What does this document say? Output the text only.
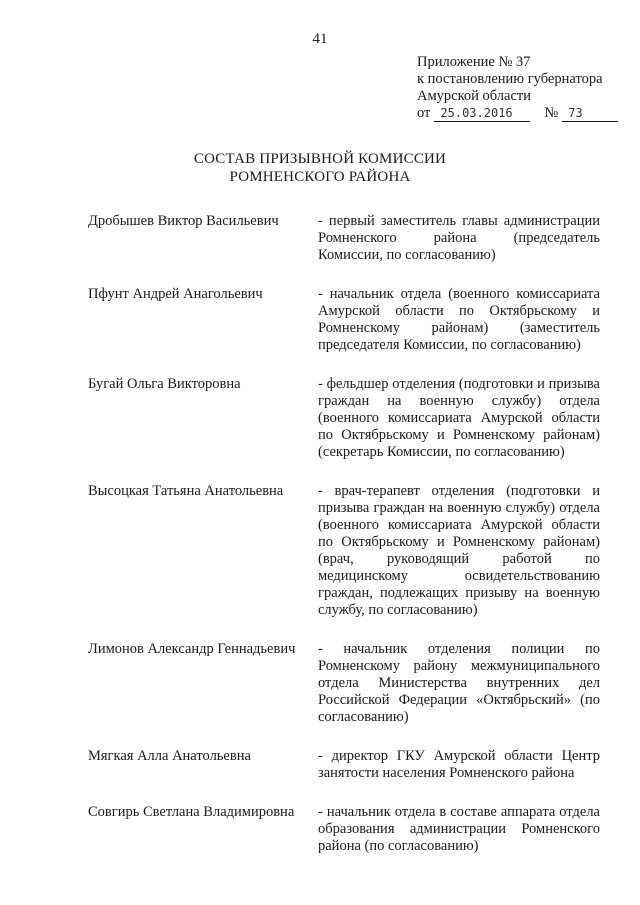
41
Приложение № 37
к постановлению губернатора
Амурской области
от 25.03.2016	№ 73
СОСТАВ ПРИЗЫВНОЙ КОМИССИИ
РОМНЕНСКОГО РАЙОНА
Дробышев Виктор Васильевич	- первый заместитель главы администрации Ромненского района (председатель Комиссии, по согласованию)
Пфунт Андрей Анагольевич	- начальник отдела (военного комиссариата Амурской области по Октябрьскому и Ромненскому районам) (заместитель председателя Комиссии, по согласованию)
Бугай Ольга Викторовна	- фельдшер отделения (подготовки и призыва граждан на военную службу) отдела (военного комиссариата Амурской области по Октябрьскому и Ромненскому районам) (секретарь Комиссии, по согласованию)
Высоцкая Татьяна Анатольевна	- врач-терапевт отделения (подготовки и призыва граждан на военную службу) отдела (военного комиссариата Амурской области по Октябрьскому и Ромненскому районам) (врач, руководящий работой по медицинскому освидетельствованию граждан, подлежащих призыву на военную службу, по согласованию)
Лимонов Александр Геннадьевич	- начальник отделения полиции по Ромненскому району межмуниципального отдела Министерства внутренних дел Российской Федерации «Октябрьский» (по согласованию)
Мягкая Алла Анатольевна	- директор ГКУ Амурской области Центр занятости населения Ромненского района
Совгирь Светлана Владимировна	- начальник отдела в составе аппарата отдела образования администрации Ромненского района (по согласованию)
